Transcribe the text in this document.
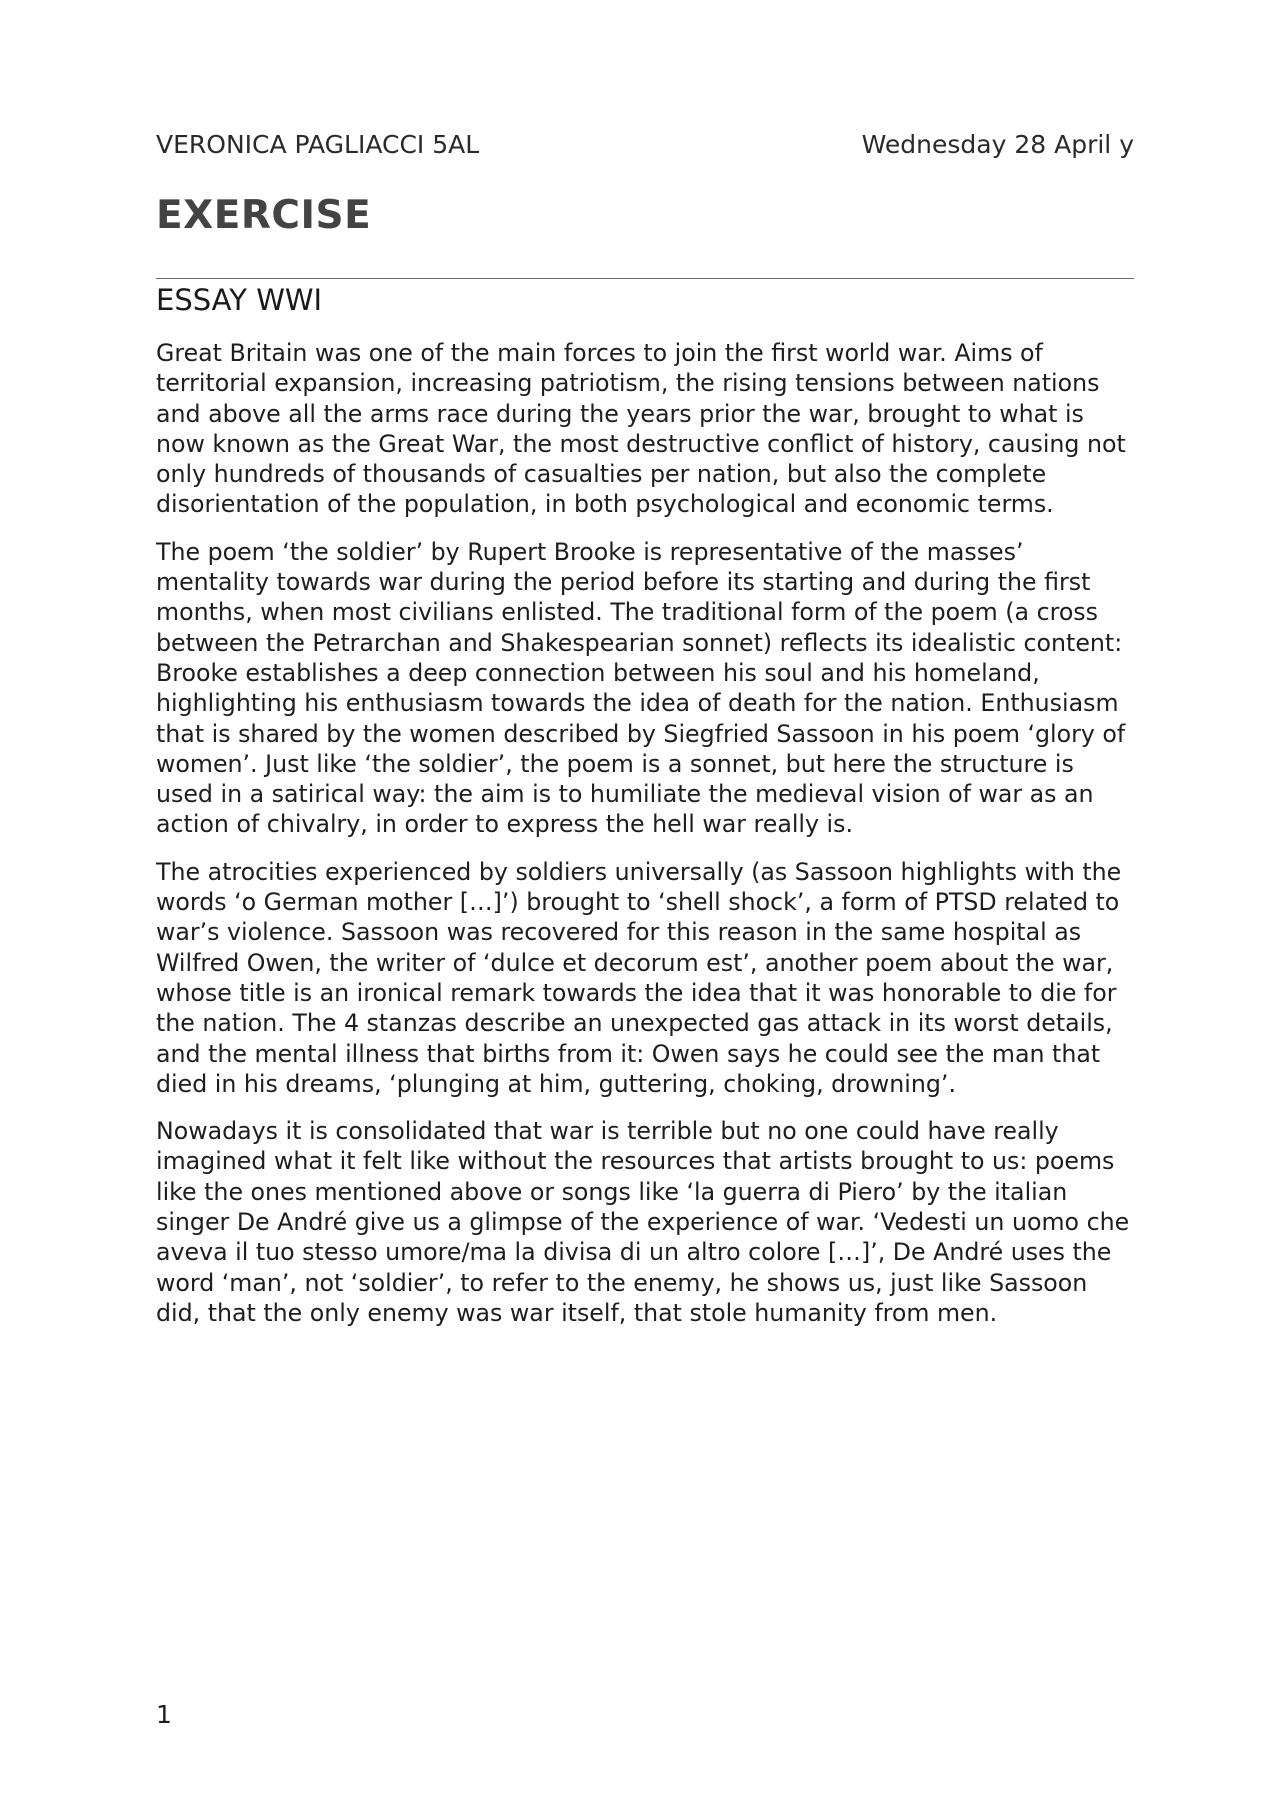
VERONICA PAGLIACCI 5AL	Wednesday 28 April y
EXERCISE
ESSAY WWI

Great Britain was one of the main forces to join the first world war. Aims of territorial expansion, increasing patriotism, the rising tensions between nations and above all the arms race during the years prior the war, brought to what is now known as the Great War, the most destructive conflict of history, causing not only hundreds of thousands of casualties per nation, but also the complete disorientation of the population, in both psychological and economic terms.

The poem ‘the soldier’ by Rupert Brooke is representative of the masses’ mentality towards war during the period before its starting and during the first months, when most civilians enlisted. The traditional form of the poem (a cross between the Petrarchan and Shakespearian sonnet) reflects its idealistic content: Brooke establishes a deep connection between his soul and his homeland, highlighting his enthusiasm towards the idea of death for the nation. Enthusiasm that is shared by the women described by Siegfried Sassoon in his poem ‘glory of women’. Just like ‘the soldier’, the poem is a sonnet, but here the structure is used in a satirical way: the aim is to humiliate the medieval vision of war as an action of chivalry, in order to express the hell war really is.

The atrocities experienced by soldiers universally (as Sassoon highlights with the words ‘o German mother […]’) brought to ‘shell shock’, a form of PTSD related to war’s violence. Sassoon was recovered for this reason in the same hospital as Wilfred Owen, the writer of ‘dulce et decorum est’, another poem about the war, whose title is an ironical remark towards the idea that it was honorable to die for the nation. The 4 stanzas describe an unexpected gas attack in its worst details, and the mental illness that births from it: Owen says he could see the man that died in his dreams, ‘plunging at him, guttering, choking, drowning’.

Nowadays it is consolidated that war is terrible but no one could have really imagined what it felt like without the resources that artists brought to us: poems like the ones mentioned above or songs like ‘la guerra di Piero’ by the italian singer De André give us a glimpse of the experience of war. ‘Vedesti un uomo che aveva il tuo stesso umore/ma la divisa di un altro colore […]’, De André uses the word ‘man’, not ‘soldier’, to refer to the enemy, he shows us, just like Sassoon did, that the only enemy was war itself, that stole humanity from men.

1
